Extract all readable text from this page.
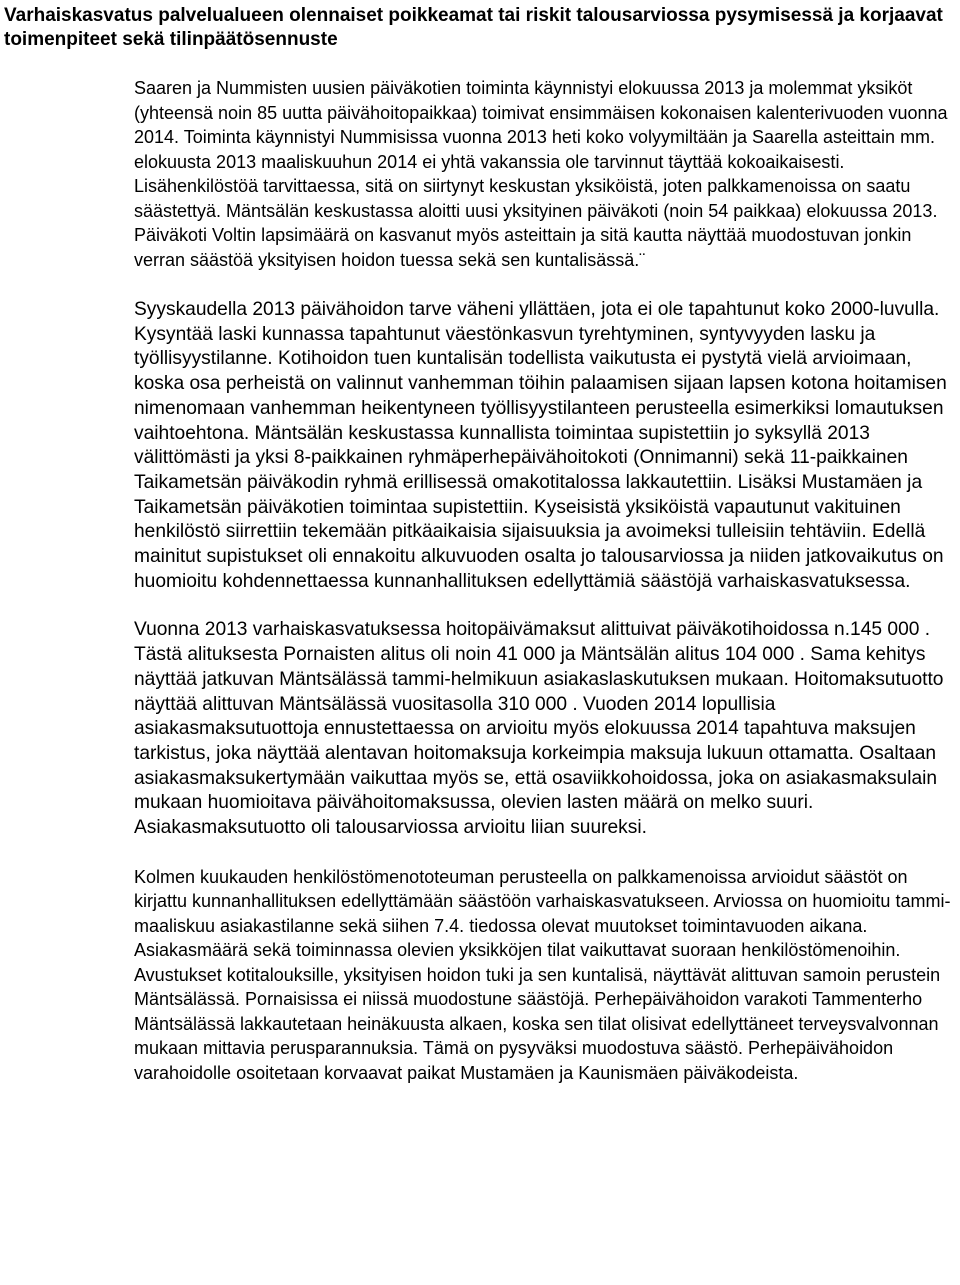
Varhaiskasvatus palvelualueen olennaiset poikkeamat tai riskit talousarviossa pysymisessä ja korjaavat toimenpiteet sekä tilinpäätösennuste

Saaren ja Nummisten uusien päiväkotien toiminta käynnistyi elokuussa 2013 ja molemmat yksiköt (yhteensä noin 85 uutta päivähoitopaikkaa) toimivat ensimmäisen kokonaisen kalenterivuoden vuonna 2014. Toiminta käynnistyi Nummisissa vuonna 2013 heti koko volyymiltään ja Saarella asteittain mm. elokuusta 2013 maaliskuuhun 2014 ei yhtä vakanssia ole tarvinnut täyttää kokoaikaisesti. Lisähenkilöstöä tarvittaessa, sitä on siirtynyt keskustan yksiköistä, joten palkkamenoissa on saatu säästettyä. Mäntsälän keskustassa aloitti uusi yksityinen päiväkoti (noin 54 paikkaa) elokuussa 2013. Päiväkoti Voltin lapsimäärä on kasvanut myös asteittain ja sitä kautta näyttää muodostuvan jonkin verran säästöä yksityisen hoidon tuessa sekä sen kuntalisässä.¨

Syyskaudella 2013 päivähoidon tarve väheni yllättäen, jota ei ole tapahtunut koko 2000-luvulla. Kysyntää laski kunnassa tapahtunut väestönkasvun tyrehtyminen, syntyvyyden lasku ja työllisyystilanne. Kotihoidon tuen kuntalisän todellista vaikutusta ei pystytä vielä arvioimaan, koska osa perheistä on valinnut vanhemman töihin palaamisen sijaan lapsen kotona hoitamisen nimenomaan vanhemman heikentyneen työllisyystilanteen perusteella esimerkiksi lomautuksen vaihtoehtona. Mäntsälän keskustassa kunnallista toimintaa supistettiin jo syksyllä 2013 välittömästi ja yksi 8-paikkainen ryhmäperhepäivähoitokoti (Onnimanni) sekä 11-paikkainen Taikametsän päiväkodin ryhmä erillisessä omakotitalossa lakkautettiin. Lisäksi Mustamäen ja Taikametsän päiväkotien toimintaa supistettiin. Kyseisistä yksiköistä vapautunut vakituinen henkilöstö siirrettiin tekemään pitkäaikaisia sijaisuuksia ja avoimeksi tulleisiin tehtäviin. Edellä mainitut supistukset oli ennakoitu alkuvuoden osalta jo talousarviossa ja niiden jatkovaikutus on huomioitu kohdennettaessa kunnanhallituksen edellyttämiä säästöjä varhaiskasvatuksessa.

Vuonna 2013 varhaiskasvatuksessa hoitopäivämaksut alittuivat päiväkotihoidossa n.145 000 . Tästä alituksesta Pornaisten alitus oli noin 41 000 ja Mäntsälän alitus 104 000 . Sama kehitys näyttää jatkuvan Mäntsälässä tammi-helmikuun asiakaslaskutuksen mukaan. Hoitomaksutuotto näyttää alittuvan Mäntsälässä vuositasolla 310 000 . Vuoden 2014 lopullisia asiakasmaksutuottoja ennustettaessa on arvioitu myös elokuussa 2014 tapahtuva maksujen tarkistus, joka näyttää alentavan hoitomaksuja korkeimpia maksuja lukuun ottamatta. Osaltaan asiakasmaksukertymään vaikuttaa myös se, että osaviikkohoidossa, joka on asiakasmaksulain mukaan huomioitava päivähoitomaksussa, olevien lasten määrä on melko suuri. Asiakasmaksutuotto oli talousarviossa arvioitu liian suureksi.

Kolmen kuukauden henkilöstömenototeuman perusteella on palkkamenoissa arvioidut säästöt on kirjattu kunnanhallituksen edellyttämään säästöön varhaiskasvatukseen. Arviossa on huomioitu tammi-maaliskuu asiakastilanne sekä siihen 7.4. tiedossa olevat muutokset toimintavuoden aikana. Asiakasmäärä sekä toiminnassa olevien yksikköjen tilat vaikuttavat suoraan henkilöstömenoihin. Avustukset kotitalouksille, yksityisen hoidon tuki ja sen kuntalisä, näyttävät alittuvan samoin perustein Mäntsälässä. Pornaisissa ei niissä muodostune säästöjä. Perhepäivähoidon varakoti Tammenterho Mäntsälässä lakkautetaan heinäkuusta alkaen, koska sen tilat olisivat edellyttäneet terveysvalvonnan mukaan mittavia perusparannuksia. Tämä on pysyväksi muodostuva säästö. Perhepäivähoidon varahoidolle osoitetaan korvaavat paikat Mustamäen ja Kaunismäen päiväkodeista.
